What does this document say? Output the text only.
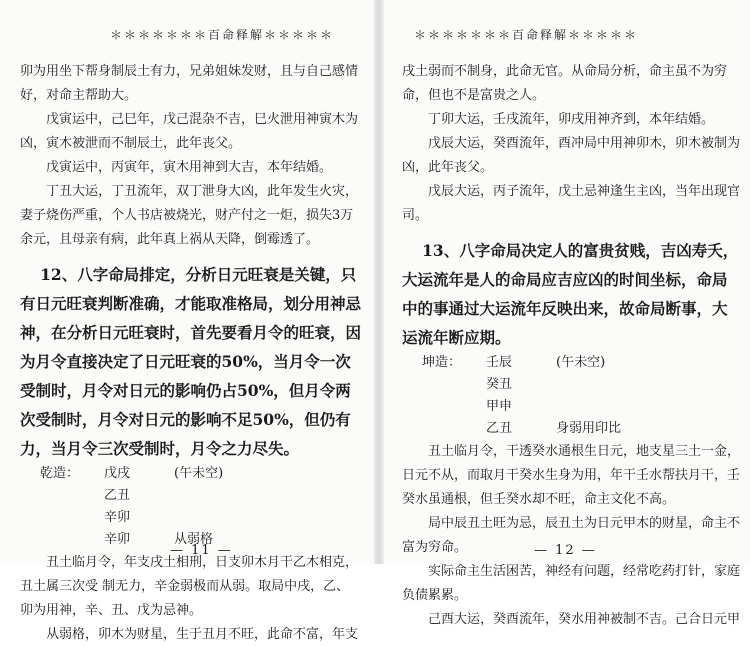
＊＊＊＊＊＊＊百命释解＊＊＊＊＊

卯为用坐下帮身制辰土有力，兄弟姐妹发财，且与自己感情好，对命主帮助大。

戊寅运中，己巳年，戊己混杂不吉，巳火泄用神寅木为凶，寅木被泄而不制辰土，此年丧父。

戊寅运中，丙寅年，寅木用神到大吉，本年结婚。

丁丑大运，丁丑流年，双丁泄身大凶，此年发生火灾，妻子烧伤严重，个人书店被烧光，财产付之一炬，损失3万余元，且母亲有病，此年真上祸从天降，倒霉透了。

12、八字命局排定，分析日元旺衰是关键，只有日元旺衰判断准确，才能取准格局，划分用神忌神，在分析日元旺衰时，首先要看月令的旺衰，因为月令直接决定了日元旺衰的50%，当月令一次受制时，月令对日元的影响仍占50%，但月令两次受制时，月令对日元的影响不足50%，但仍有力，当月令三次受制时，月令之力尽失。

乾造：	戊戌	(午未空)
乙丑
辛卯
辛卯	从弱格

丑土临月令，年支戌土相刑，日支卯木月干乙木相克，丑土属三次受 制无力，辛金弱极而从弱。取局中戌，乙、卯为用神，辛、丑、戊为忌神。

从弱格，卯木为财星，生于丑月不旺，此命不富，年支

— 11 —
＊＊＊＊＊＊＊百命释解＊＊＊＊＊

戌土弱而不制身，此命无官。从命局分析，命主虽不为穷命，但也不是富贵之人。

丁卯大运，壬戌流年，卯戌用神齐到，本年结婚。

戊辰大运，癸酉流年，酉冲局中用神卯木，卯木被制为凶，此年丧父。

戊辰大运，丙子流年，戊土忌神逢生主凶，当年出现官司。

13、八字命局决定人的富贵贫贱，吉凶寿夭，大运流年是人的命局应吉应凶的时间坐标，命局中的事通过大运流年反映出来，故命局断事，大运流年断应期。

坤造：	壬辰	(午未空)
癸丑
甲申
乙丑	身弱用印比

丑土临月令，干透癸水通根生日元，地支星三土一金，日元不从，而取月干癸水生身为用，年干壬水帮扶月干，壬癸水虽通根，但壬癸水却不旺，命主文化不高。

局中辰丑土旺为忌，辰丑土为日元甲木的财星，命主不富为穷命。

实际命主生活困苦，神经有问题，经常吃药打针，家庭负债累累。

己酉大运，癸酉流年，癸水用神被制不吉。己合日元甲

— 12 —
